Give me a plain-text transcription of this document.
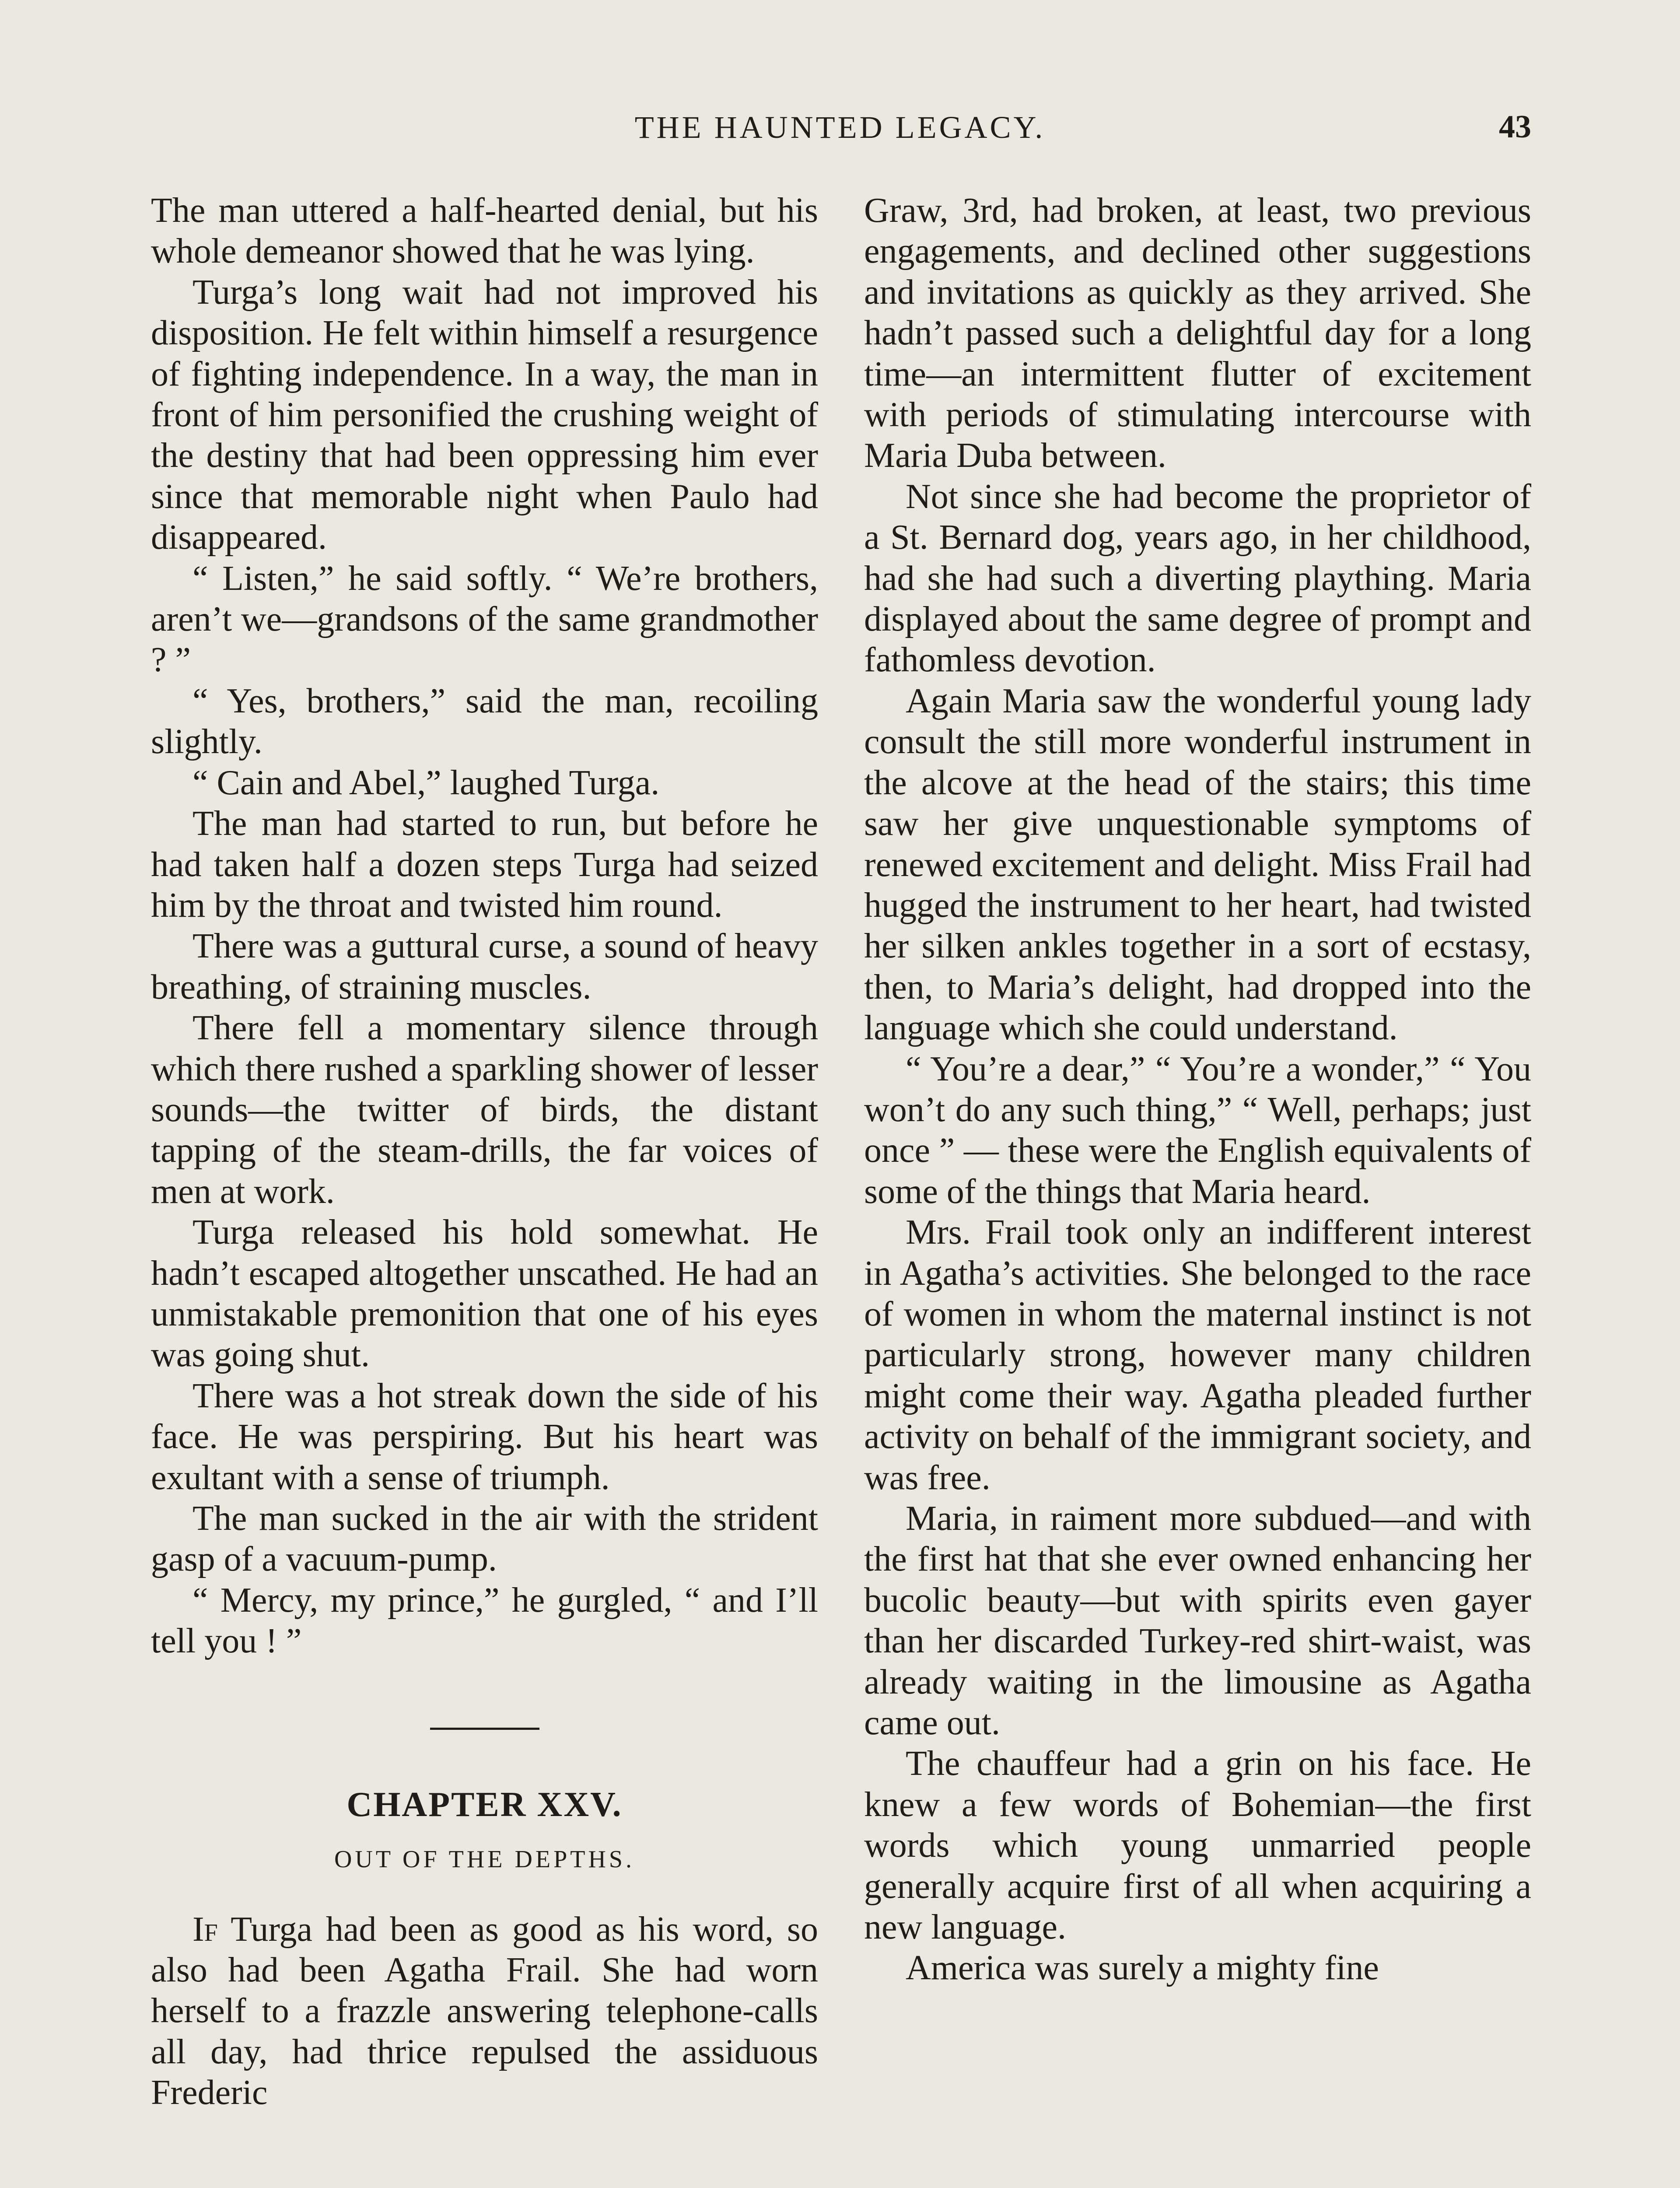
THE HAUNTED LEGACY.	43

The man uttered a half-hearted denial, but his whole demeanor showed that he was lying.

Turga’s long wait had not improved his disposition. He felt within himself a resurgence of fighting independence. In a way, the man in front of him personified the crushing weight of the destiny that had been oppressing him ever since that memorable night when Paulo had disappeared.

“ Listen,” he said softly. “ We’re brothers, aren’t we—grandsons of the same grandmother ? ”

“ Yes, brothers,” said the man, recoiling slightly.

“ Cain and Abel,” laughed Turga.

The man had started to run, but before he had taken half a dozen steps Turga had seized him by the throat and twisted him round.

There was a guttural curse, a sound of heavy breathing, of straining muscles.

There fell a momentary silence through which there rushed a sparkling shower of lesser sounds—the twitter of birds, the distant tapping of the steam-drills, the far voices of men at work.

Turga released his hold somewhat. He hadn’t escaped altogether unscathed. He had an unmistakable premonition that one of his eyes was going shut.

There was a hot streak down the side of his face. He was perspiring. But his heart was exultant with a sense of triumph.

The man sucked in the air with the strident gasp of a vacuum-pump.

“ Mercy, my prince,” he gurgled, “ and I’ll tell you ! ”

CHAPTER XXV.
OUT OF THE DEPTHS.

If Turga had been as good as his word, so also had been Agatha Frail. She had worn herself to a frazzle answering telephone-calls all day, had thrice repulsed the assiduous Frederic

Graw, 3rd, had broken, at least, two previous engagements, and declined other suggestions and invitations as quickly as they arrived. She hadn’t passed such a delightful day for a long time—an intermittent flutter of excitement with periods of stimulating intercourse with Maria Duba between.

Not since she had become the proprietor of a St. Bernard dog, years ago, in her childhood, had she had such a diverting plaything. Maria displayed about the same degree of prompt and fathomless devotion.

Again Maria saw the wonderful young lady consult the still more wonderful instrument in the alcove at the head of the stairs; this time saw her give unquestionable symptoms of renewed excitement and delight. Miss Frail had hugged the instrument to her heart, had twisted her silken ankles together in a sort of ecstasy, then, to Maria’s delight, had dropped into the language which she could understand.

“ You’re a dear,” “ You’re a wonder,” “ You won’t do any such thing,” “ Well, perhaps; just once ” — these were the English equivalents of some of the things that Maria heard.

Mrs. Frail took only an indifferent interest in Agatha’s activities. She belonged to the race of women in whom the maternal instinct is not particularly strong, however many children might come their way. Agatha pleaded further activity on behalf of the immigrant society, and was free.

Maria, in raiment more subdued—and with the first hat that she ever owned enhancing her bucolic beauty—but with spirits even gayer than her discarded Turkey-red shirt-waist, was already waiting in the limousine as Agatha came out.

The chauffeur had a grin on his face. He knew a few words of Bohemian—the first words which young unmarried people generally acquire first of all when acquiring a new language.

America was surely a mighty fine
